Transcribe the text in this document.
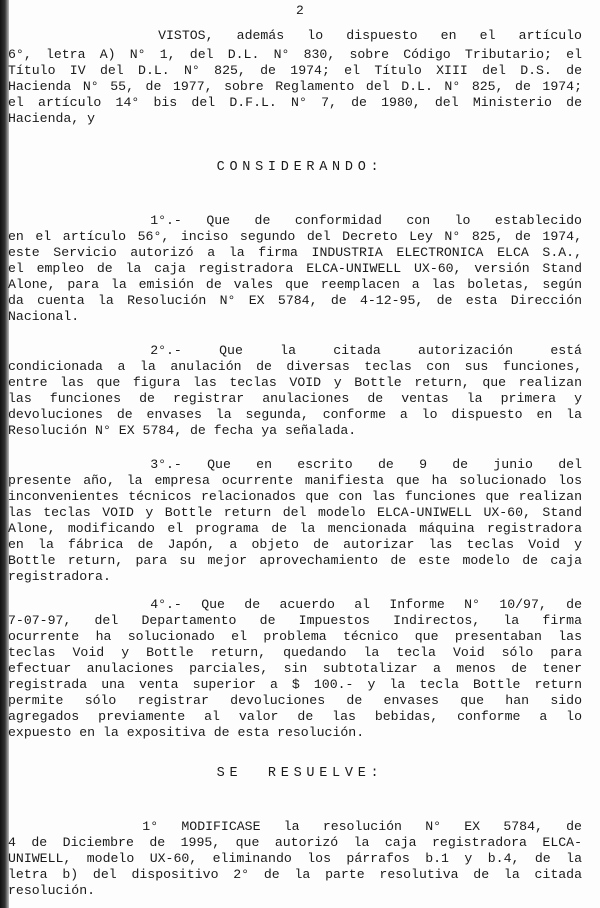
2
VISTOS, además lo dispuesto en el artículo
6°, letra A) N° 1, del D.L. N° 830, sobre Código Tributario; el
Título IV del D.L. N° 825, de 1974; el Título XIII del D.S. de
Hacienda N° 55, de 1977, sobre Reglamento del D.L. N° 825, de 1974;
el artículo 14° bis del D.F.L. N° 7, de 1980, del Ministerio de
Hacienda, y
CONSIDERANDO:
1°.- Que de conformidad con lo establecido
en el artículo 56°, inciso segundo del Decreto Ley N° 825, de 1974,
este Servicio autorizó a la firma INDUSTRIA ELECTRONICA ELCA S.A.,
el empleo de la caja registradora ELCA-UNIWELL UX-60, versión Stand
Alone, para la emisión de vales que reemplacen a las boletas, según
da cuenta la Resolución N° EX 5784, de 4-12-95, de esta Dirección
Nacional.
2°.- Que la citada autorización está
condicionada a la anulación de diversas teclas con sus funciones,
entre las que figura las teclas VOID y Bottle return, que realizan
las funciones de registrar anulaciones de ventas la primera y
devoluciones de envases la segunda, conforme a lo dispuesto en la
Resolución N° EX 5784, de fecha ya señalada.
3°.- Que en escrito de 9 de junio del
presente año, la empresa ocurrente manifiesta que ha solucionado los
inconvenientes técnicos relacionados que con las funciones que realizan
las teclas VOID y Bottle return del modelo ELCA-UNIWELL UX-60, Stand
Alone, modificando el programa de la mencionada máquina registradora
en la fábrica de Japón, a objeto de autorizar las teclas Void y
Bottle return, para su mejor aprovechamiento de este modelo de caja
registradora.
4°.- Que de acuerdo al Informe N° 10/97, de
7-07-97, del Departamento de Impuestos Indirectos, la firma
ocurrente ha solucionado el problema técnico que presentaban las
teclas Void y Bottle return, quedando la tecla Void sólo para
efectuar anulaciones parciales, sin subtotalizar a menos de tener
registrada una venta superior a $ 100.- y la tecla Bottle return
permite sólo registrar devoluciones de envases que han sido
agregados previamente al valor de las bebidas, conforme a lo
expuesto en la expositiva de esta resolución.
SE  RESUELVE:
1° MODIFICASE la resolución N° EX 5784, de
4 de Diciembre de 1995, que autorizó la caja registradora ELCA-
UNIWELL, modelo UX-60, eliminando los párrafos b.1 y b.4, de la
letra b) del dispositivo 2° de la parte resolutiva de la citada
resolución.
